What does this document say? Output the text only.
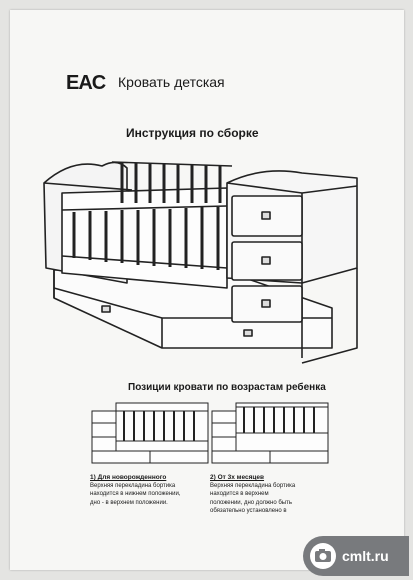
EAC Кровать детская
Инструкция по сборке
Позиции кровати по возрастам ребенка
1) Для новорожденного
Верхняя перекладина бортика
находится в нижнем положении,
дно - в верхнем положении.
2) От 3х месяцев
Верхняя перекладина бортика
находится в верхнем
положении, дно должно быть
обязательно установлено в
cmlt.ru
